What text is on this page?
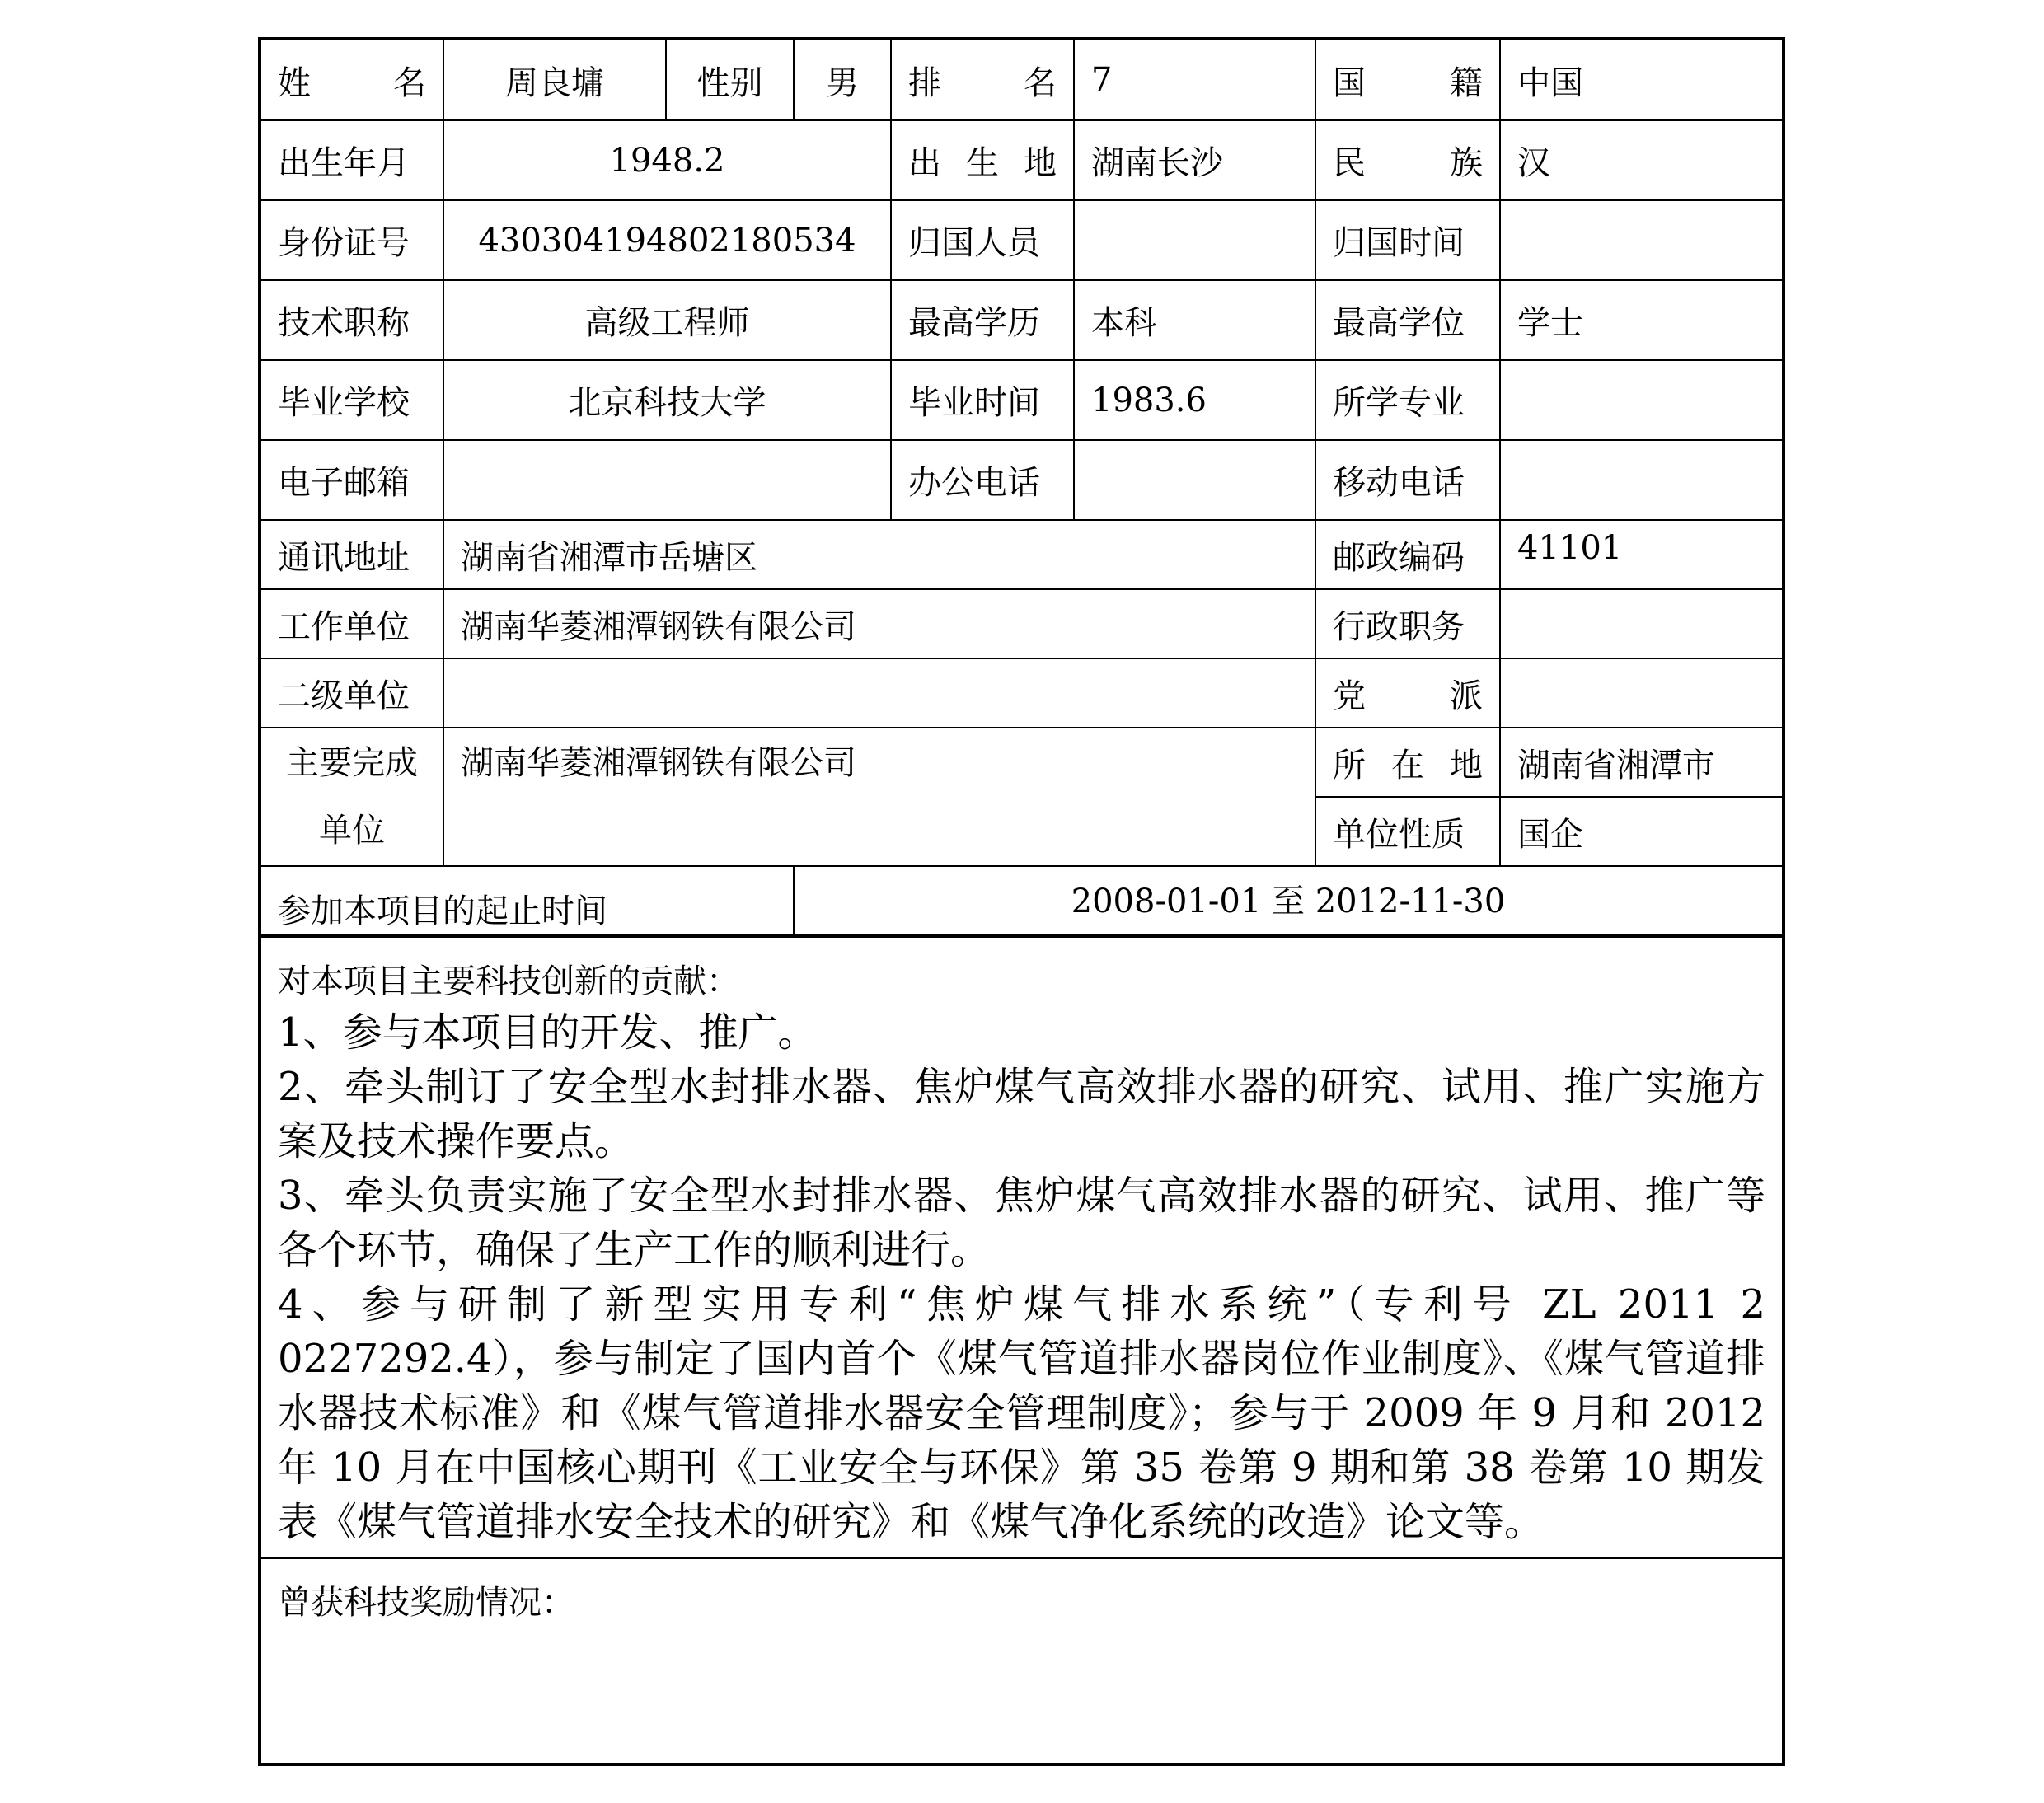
姓 名	周良墉	性别	男	排 名	7	国 籍	中国
出生年月	1948.2			出 生 地	湖南长沙	民 族	汉
身份证号	430304194802180534			归国人员		归国时间	
技术职称	高级工程师			最高学历	本科	最高学位	学士
毕业学校	北京科技大学			毕业时间	1983.6	所学专业	
电子邮箱				办公电话		移动电话	
通讯地址	湖南省湘潭市岳塘区					邮政编码	41101
工作单位	湖南华菱湘潭钢铁有限公司					行政职务	
二级单位						党 派	

主要完成
单位	湖南华菱湘潭钢铁有限公司					所 在 地	湖南省湘潭市
						单位性质	国企
参加本项目的起止时间			2008-01-01 至 2012-11-30				
对本项目主要科技创新的贡献：
1、参与本项目的开发、推广。
2、牵头制订了安全型水封排水器、焦炉煤气高效排水器的研究、试用、推广实施方案及技术操作要点。
3、牵头负责实施了安全型水封排水器、焦炉煤气高效排水器的研究、试用、推广等各个环节，确保了生产工作的顺利进行。
4、参与研制了新型实用专利“焦炉煤气排水系统”（专利号 ZL 2011 2 0227292.4），参与制定了国内首个《煤气管道排水器岗位作业制度》、《煤气管道排水器技术标准》和《煤气管道排水器安全管理制度》；参与于 2009 年 9 月和 2012 年 10 月在中国核心期刊《工业安全与环保》第 35 卷第 9 期和第 38 卷第 10 期发表《煤气管道排水安全技术的研究》和《煤气净化系统的改造》论文等。
曾获科技奖励情况：
